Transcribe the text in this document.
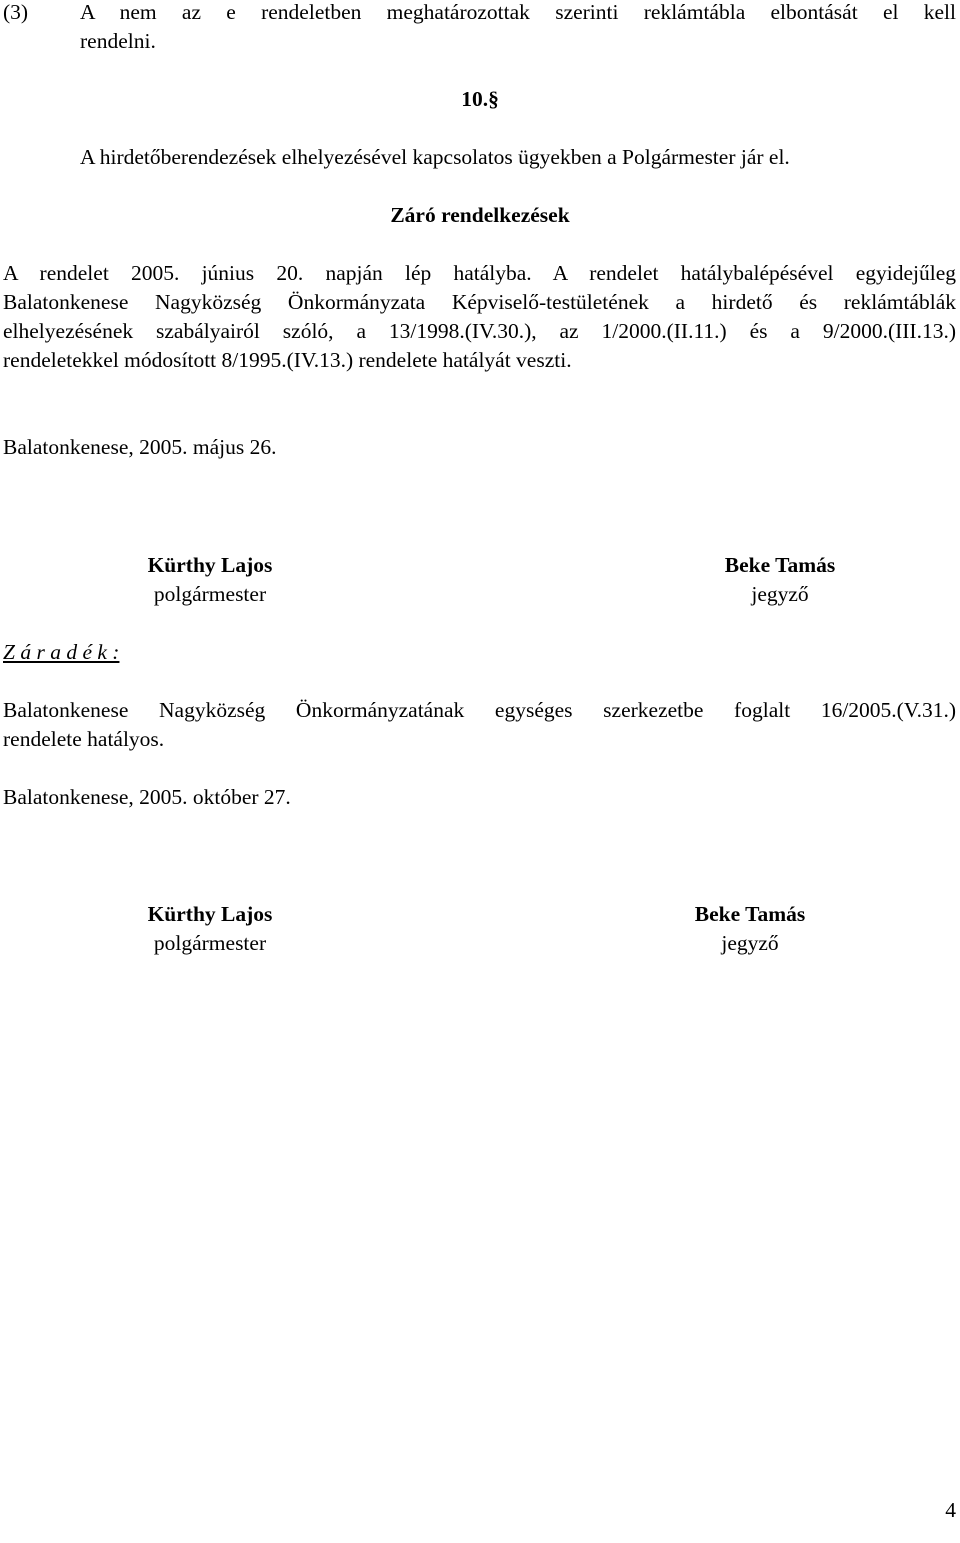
(3) A nem az e rendeletben meghatározottak szerinti reklámtábla elbontását el kell
rendelni.
10.§
A hirdetőberendezések elhelyezésével kapcsolatos ügyekben a Polgármester jár el.
Záró rendelkezések
A rendelet 2005. június 20. napján lép hatályba. A rendelet hatálybalépésével egyidejűleg
Balatonkenese Nagyközség Önkormányzata Képviselő-testületének a hirdető és reklámtáblák
elhelyezésének szabályairól szóló, a 13/1998.(IV.30.), az 1/2000.(II.11.) és a 9/2000.(III.13.)
rendeletekkel módosított 8/1995.(IV.13.) rendelete hatályát veszti.
Balatonkenese, 2005. május 26.
Kürthy Lajos
polgármester
Beke Tamás
jegyző
Z á r a d é k :
Balatonkenese Nagyközség Önkormányzatának egységes szerkezetbe foglalt 16/2005.(V.31.)
rendelete hatályos.
Balatonkenese, 2005. október 27.
Kürthy Lajos
polgármester
Beke Tamás
jegyző
4
